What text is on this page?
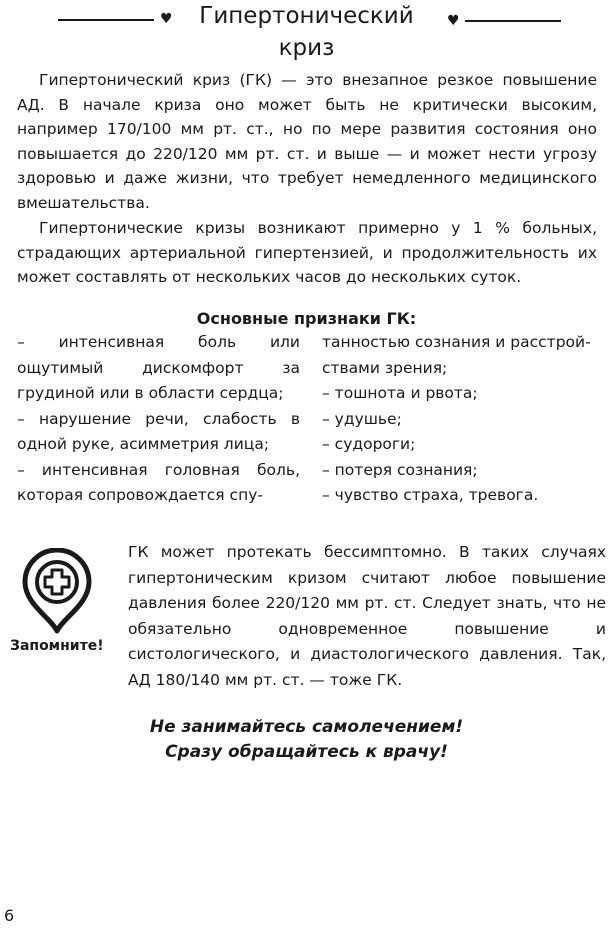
♥	Гипертонический
криз
♥

Гипертонический криз (ГК) — это внезапное резкое повышение АД. В начале криза оно может быть не критически высоким, например 170/100 мм рт. ст., но по мере развития состояния оно повышается до 220/120 мм рт. ст. и выше — и может нести угрозу здоровью и даже жизни, что требует немедленного медицинского вмешательства.

Гипертонические кризы возникают примерно у 1 % больных, страдающих артериальной гипертензией, и продолжительность их может составлять от нескольких часов до нескольких суток.

Основные признаки ГК:

– интенсивная боль или ощутимый дискомфорт за грудиной или в области сердца;

– нарушение речи, слабость в одной руке, асимметрия лица;

– интенсивная головная боль, которая сопровождается спу-

танностью сознания и расстрой-

ствами зрения;

– тошнота и рвота;

– удушье;

– судороги;

– потеря сознания;

– чувство страха, тревога.

Запомните!

ГК может протекать бессимптомно. В таких случаях гипертоническим кризом считают любое повышение давления более 220/120 мм рт. ст. Следует знать, что не обязательно одновременное повышение и систологического, и диастологического давления. Так, АД 180/140 мм рт. ст. — тоже ГК.

Не занимайтесь самолечением!
Сразу обращайтесь к врачу!
6
